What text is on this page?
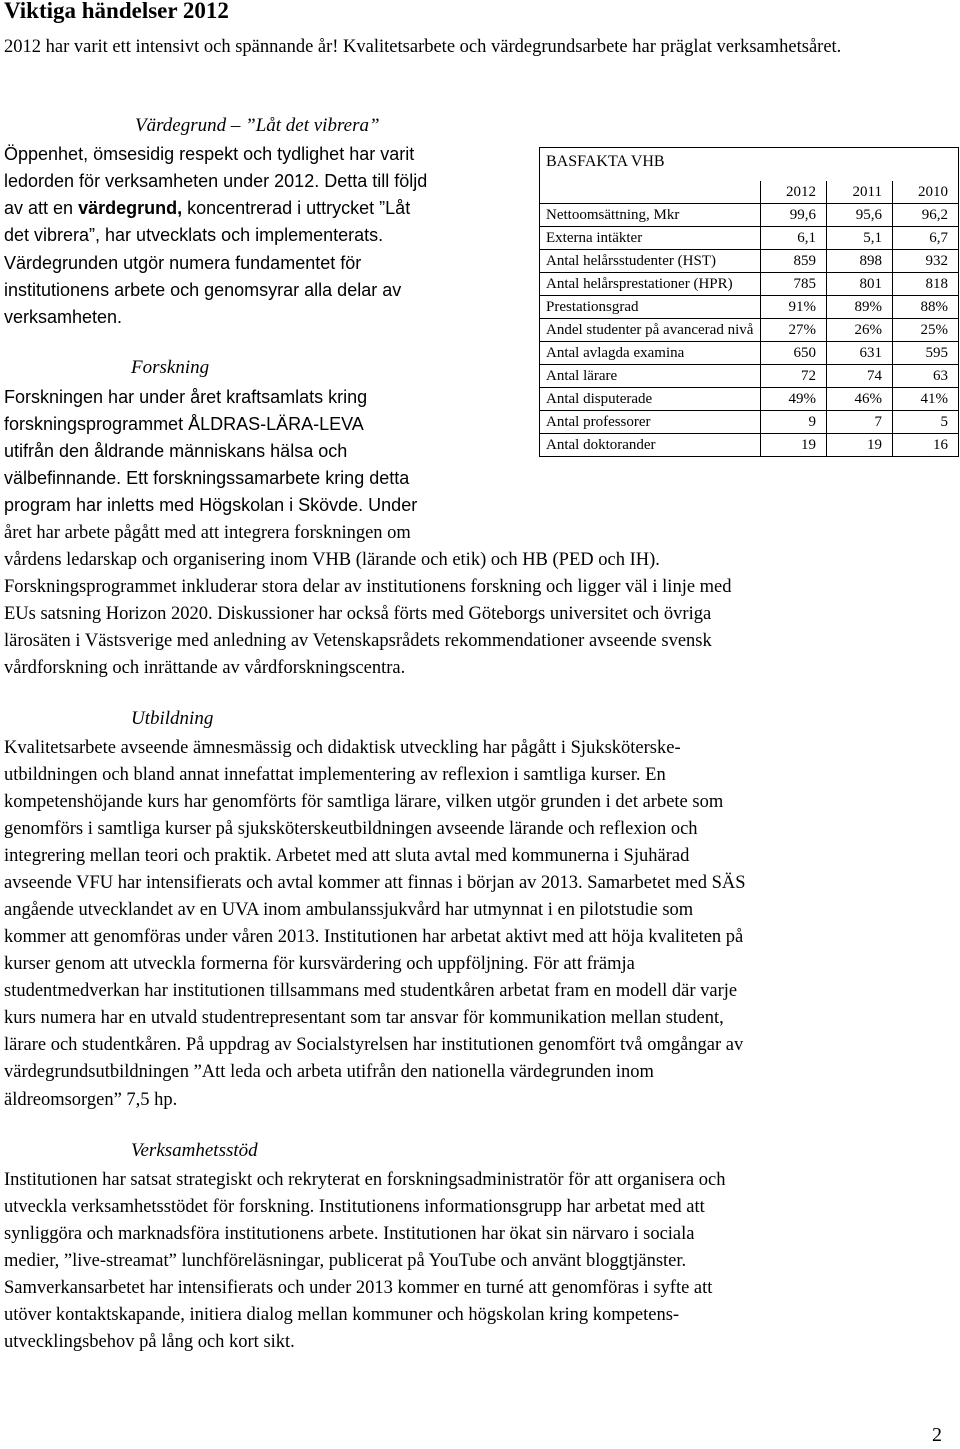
Viktiga händelser 2012
2012 har varit ett intensivt och spännande år! Kvalitetsarbete och värdegrundsarbete har präglat verksamhetsåret.
Värdegrund – ”Låt det vibrera”
Öppenhet, ömsesidig respekt och tydlighet har varit
ledorden för verksamheten under 2012. Detta till följd
av att en värdegrund, koncentrerad i uttrycket ”Låt
det vibrera”, har utvecklats och implementerats.
Värdegrunden utgör numera fundamentet för
institutionens arbete och genomsyrar alla delar av
verksamheten.
Forskning
Forskningen har under året kraftsamlats kring
forskningsprogrammet ÅLDRAS-LÄRA-LEVA
utifrån den åldrande människans hälsa och
välbefinnande. Ett forskningssamarbete kring detta
program har inletts med Högskolan i Skövde. Under
året har arbete pågått med att integrera forskningen om
vårdens ledarskap och organisering inom VHB (lärande och etik) och HB (PED och IH).
Forskningsprogrammet inkluderar stora delar av institutionens forskning och ligger väl i linje med
EUs satsning Horizon 2020. Diskussioner har också förts med Göteborgs universitet och övriga
lärosäten i Västsverige med anledning av Vetenskapsrådets rekommendationer avseende svensk
vårdforskning och inrättande av vårdforskningscentra.
BASFAKTA VHB			
	2012	2011	2010
Nettoomsättning, Mkr	99,6	95,6	96,2
Externa intäkter	6,1	5,1	6,7
Antal helårsstudenter (HST)	859	898	932
Antal helårsprestationer (HPR)	785	801	818
Prestationsgrad	91%	89%	88%
Andel studenter på avancerad nivå	27%	26%	25%
Antal avlagda examina	650	631	595
Antal lärare	72	74	63
Antal disputerade	49%	46%	41%
Antal professorer	9	7	5
Antal doktorander	19	19	16
Utbildning
Kvalitetsarbete avseende ämnesmässig och didaktisk utveckling har pågått i Sjuksköterske-
utbildningen och bland annat innefattat implementering av reflexion i samtliga kurser. En
kompetenshöjande kurs har genomförts för samtliga lärare, vilken utgör grunden i det arbete som
genomförs i samtliga kurser på sjuksköterskeutbildningen avseende lärande och reflexion och
integrering mellan teori och praktik. Arbetet med att sluta avtal med kommunerna i Sjuhärad
avseende VFU har intensifierats och avtal kommer att finnas i början av 2013. Samarbetet med SÄS
angående utvecklandet av en UVA inom ambulanssjukvård har utmynnat i en pilotstudie som
kommer att genomföras under våren 2013. Institutionen har arbetat aktivt med att höja kvaliteten på
kurser genom att utveckla formerna för kursvärdering och uppföljning. För att främja
studentmedverkan har institutionen tillsammans med studentkåren arbetat fram en modell där varje
kurs numera har en utvald studentrepresentant som tar ansvar för kommunikation mellan student,
lärare och studentkåren. På uppdrag av Socialstyrelsen har institutionen genomfört två omgångar av
värdegrundsutbildningen ”Att leda och arbeta utifrån den nationella värdegrunden inom
äldreomsorgen” 7,5 hp.
Verksamhetsstöd
Institutionen har satsat strategiskt och rekryterat en forskningsadministratör för att organisera och
utveckla verksamhetsstödet för forskning. Institutionens informationsgrupp har arbetat med att
synliggöra och marknadsföra institutionens arbete. Institutionen har ökat sin närvaro i sociala
medier, ”live-streamat” lunchföreläsningar, publicerat på YouTube och använt bloggtjänster.
Samverkansarbetet har intensifierats och under 2013 kommer en turné att genomföras i syfte att
utöver kontaktskapande, initiera dialog mellan kommuner och högskolan kring kompetens-
utvecklingsbehov på lång och kort sikt.
2
